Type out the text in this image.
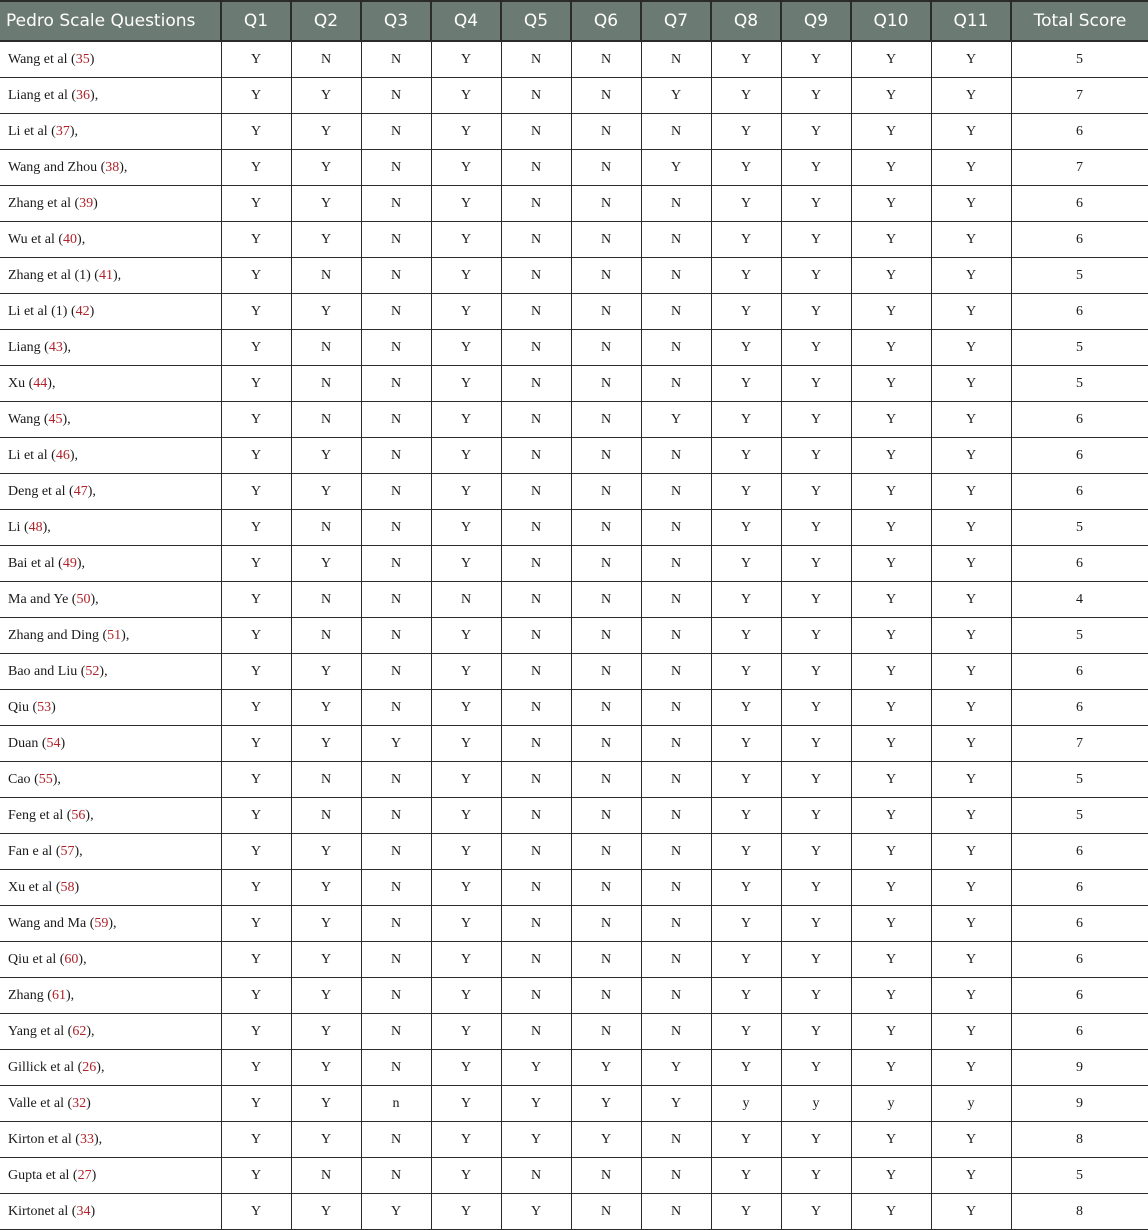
Pedro Scale Questions	Q1	Q2	Q3	Q4	Q5	Q6	Q7	Q8	Q9	Q10	Q11	Total Score
Wang et al (35)	Y	N	N	Y	N	N	N	Y	Y	Y	Y	5
Liang et al (36),	Y	Y	N	Y	N	N	Y	Y	Y	Y	Y	7
Li et al (37),	Y	Y	N	Y	N	N	N	Y	Y	Y	Y	6
Wang and Zhou (38),	Y	Y	N	Y	N	N	Y	Y	Y	Y	Y	7
Zhang et al (39)	Y	Y	N	Y	N	N	N	Y	Y	Y	Y	6
Wu et al (40),	Y	Y	N	Y	N	N	N	Y	Y	Y	Y	6
Zhang et al (1) (41),	Y	N	N	Y	N	N	N	Y	Y	Y	Y	5
Li et al (1) (42)	Y	Y	N	Y	N	N	N	Y	Y	Y	Y	6
Liang (43),	Y	N	N	Y	N	N	N	Y	Y	Y	Y	5
Xu (44),	Y	N	N	Y	N	N	N	Y	Y	Y	Y	5
Wang (45),	Y	N	N	Y	N	N	Y	Y	Y	Y	Y	6
Li et al (46),	Y	Y	N	Y	N	N	N	Y	Y	Y	Y	6
Deng et al (47),	Y	Y	N	Y	N	N	N	Y	Y	Y	Y	6
Li (48),	Y	N	N	Y	N	N	N	Y	Y	Y	Y	5
Bai et al (49),	Y	Y	N	Y	N	N	N	Y	Y	Y	Y	6
Ma and Ye (50),	Y	N	N	N	N	N	N	Y	Y	Y	Y	4
Zhang and Ding (51),	Y	N	N	Y	N	N	N	Y	Y	Y	Y	5
Bao and Liu (52),	Y	Y	N	Y	N	N	N	Y	Y	Y	Y	6
Qiu (53)	Y	Y	N	Y	N	N	N	Y	Y	Y	Y	6
Duan (54)	Y	Y	Y	Y	N	N	N	Y	Y	Y	Y	7
Cao (55),	Y	N	N	Y	N	N	N	Y	Y	Y	Y	5
Feng et al (56),	Y	N	N	Y	N	N	N	Y	Y	Y	Y	5
Fan e al (57),	Y	Y	N	Y	N	N	N	Y	Y	Y	Y	6
Xu et al (58)	Y	Y	N	Y	N	N	N	Y	Y	Y	Y	6
Wang and Ma (59),	Y	Y	N	Y	N	N	N	Y	Y	Y	Y	6
Qiu et al (60),	Y	Y	N	Y	N	N	N	Y	Y	Y	Y	6
Zhang (61),	Y	Y	N	Y	N	N	N	Y	Y	Y	Y	6
Yang et al (62),	Y	Y	N	Y	N	N	N	Y	Y	Y	Y	6
Gillick et al (26),	Y	Y	N	Y	Y	Y	Y	Y	Y	Y	Y	9
Valle et al (32)	Y	Y	n	Y	Y	Y	Y	y	y	y	y	9
Kirton et al (33),	Y	Y	N	Y	Y	Y	N	Y	Y	Y	Y	8
Gupta et al (27)	Y	N	N	Y	N	N	N	Y	Y	Y	Y	5
Kirtonet al (34)	Y	Y	Y	Y	Y	N	N	Y	Y	Y	Y	8
